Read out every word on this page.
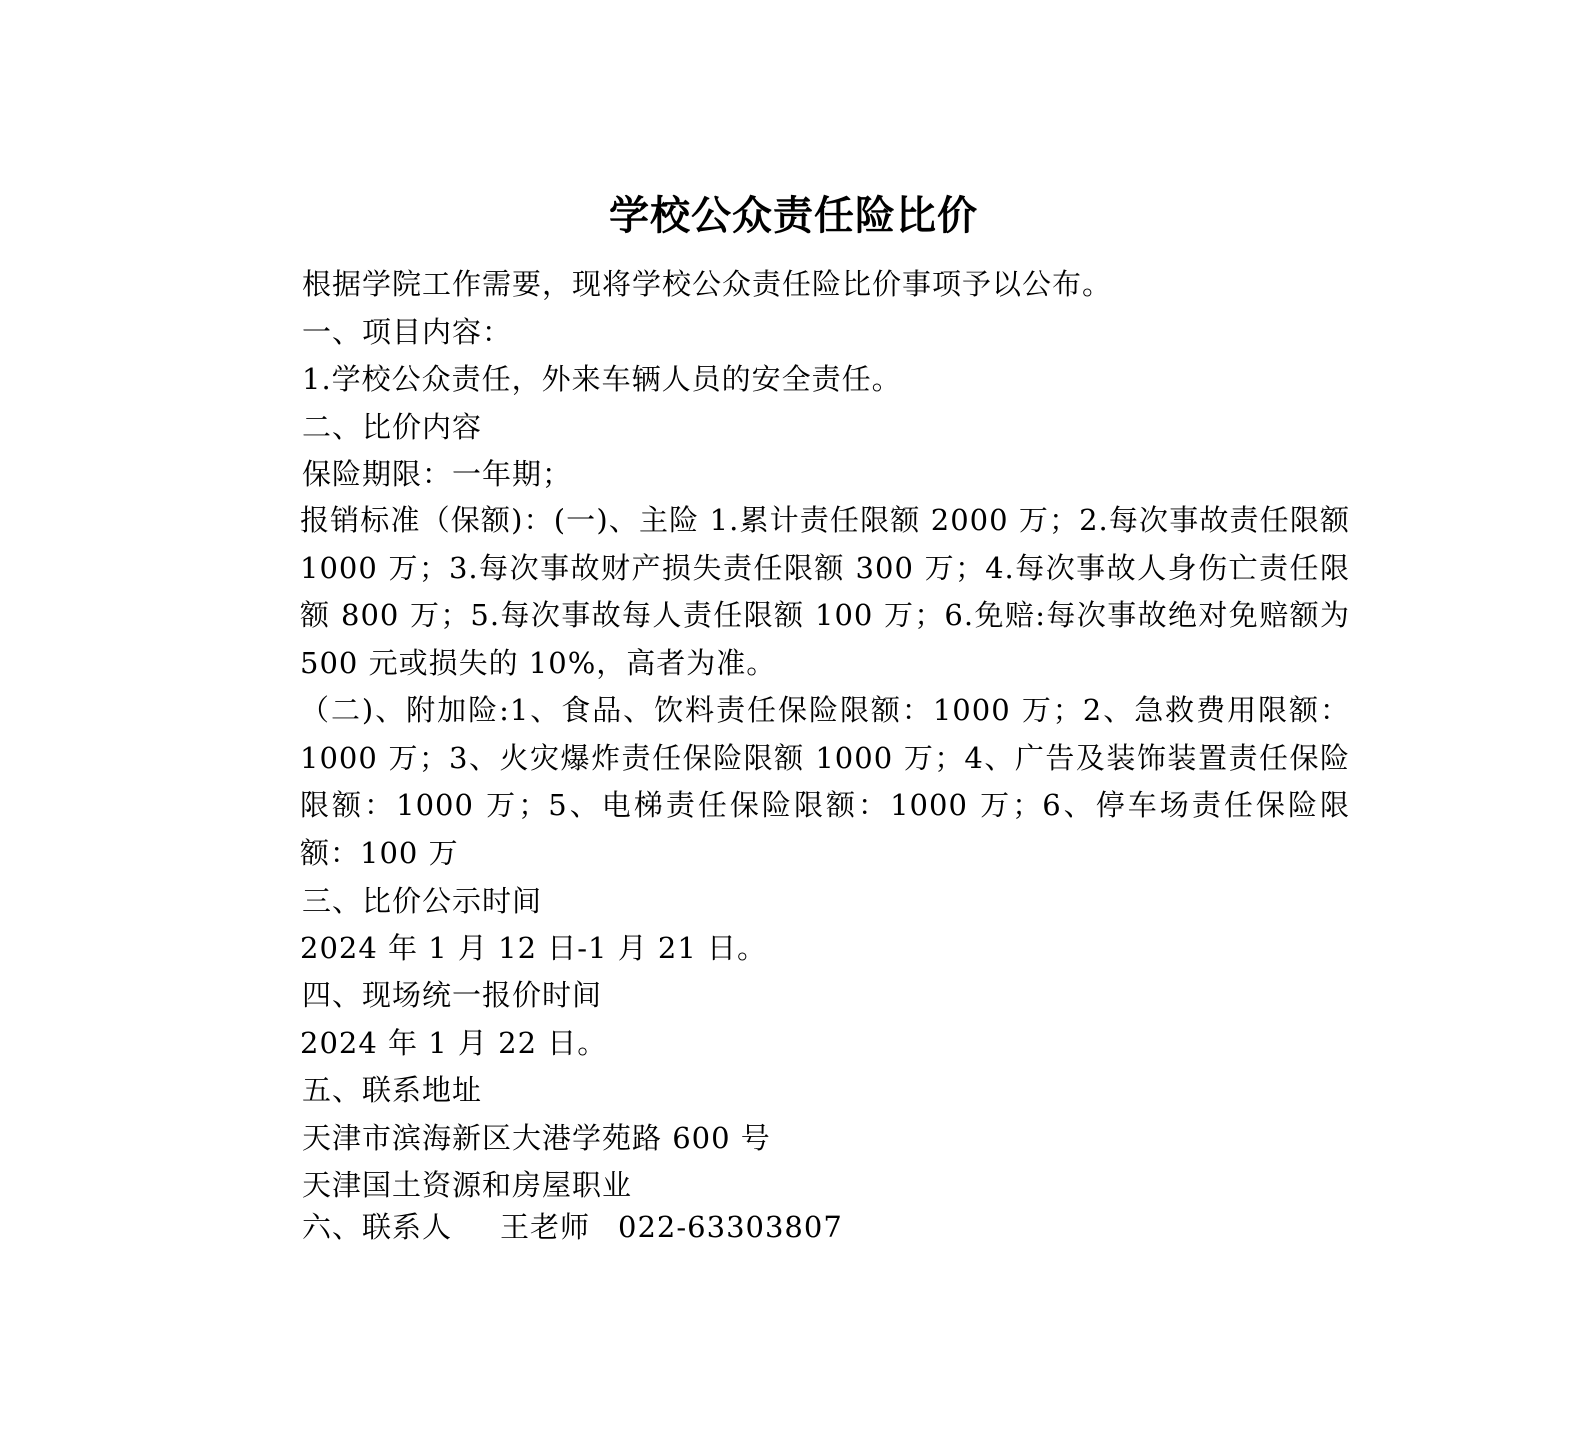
学校公众责任险比价
根据学院工作需要，现将学校公众责任险比价事项予以公布。
一、项目内容：
1.学校公众责任，外来车辆人员的安全责任。
二、比价内容
保险期限：一年期；

报销标准（保额)：(一)、主险 1.累计责任限额 2000 万；2.每次事故责任限额 1000 万；3.每次事故财产损失责任限额 300 万；4.每次事故人身伤亡责任限额 800 万；5.每次事故每人责任限额 100 万；6.免赔:每次事故绝对免赔额为 500 元或损失的 10%，高者为准。

（二)、附加险:1、食品、饮料责任保险限额：1000 万；2、急救费用限额：1000 万；3、火灾爆炸责任保险限额 1000 万；4、广告及装饰装置责任保险限额：1000 万；5、电梯责任保险限额：1000 万；6、停车场责任保险限额：100 万

三、比价公示时间
2024 年 1 月 12 日-1 月 21 日。
四、现场统一报价时间
2024 年 1 月 22 日。
五、联系地址
天津市滨海新区大港学苑路 600 号
天津国土资源和房屋职业
六、联系人 王老师 022-63303807
